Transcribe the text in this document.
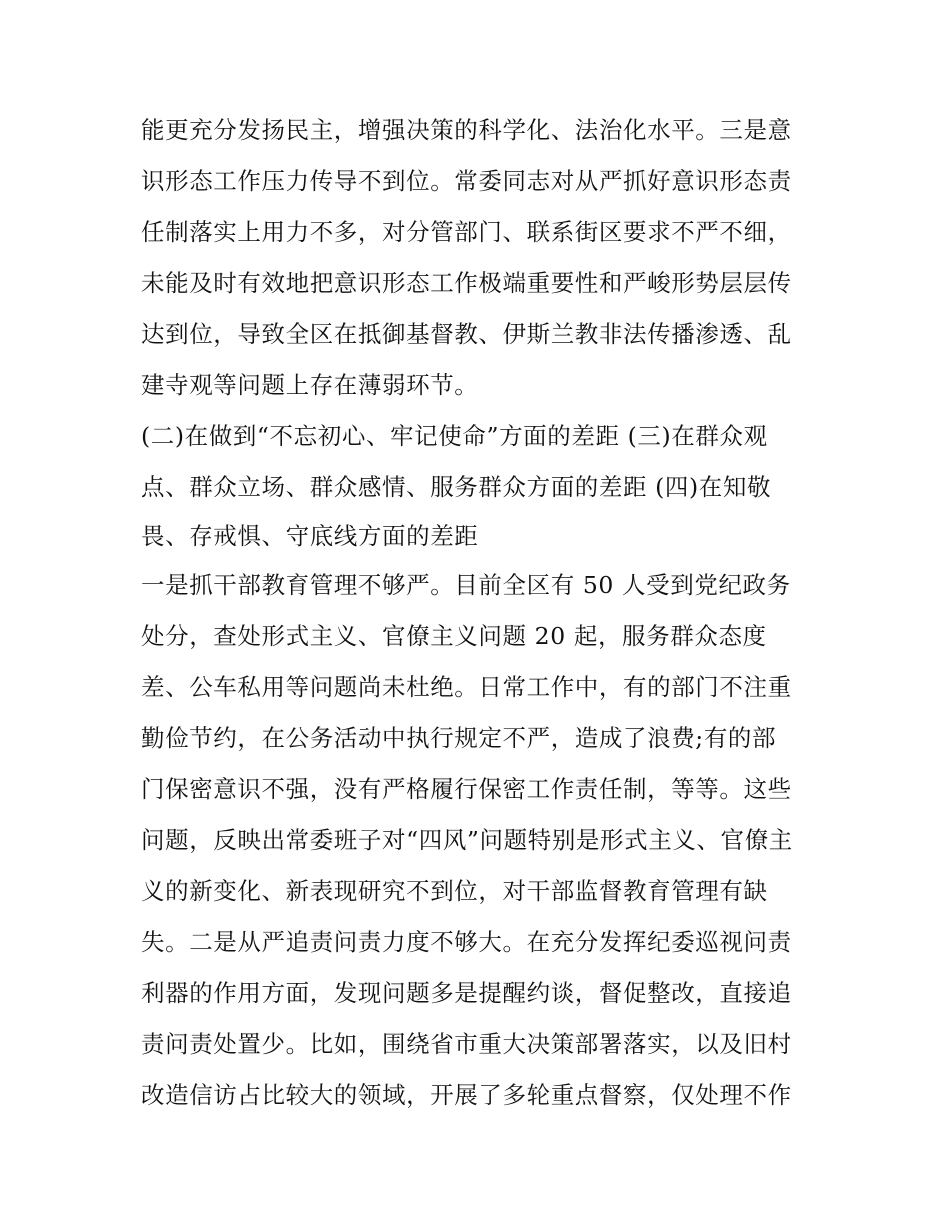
能更充分发扬民主，增强决策的科学化、法治化水平。三是意
识形态工作压力传导不到位。常委同志对从严抓好意识形态责
任制落实上用力不多，对分管部门、联系街区要求不严不细，
未能及时有效地把意识形态工作极端重要性和严峻形势层层传
达到位，导致全区在抵御基督教、伊斯兰教非法传播渗透、乱
建寺观等问题上存在薄弱环节。
(二)在做到“不忘初心、牢记使命”方面的差距 (三)在群众观
点、群众立场、群众感情、服务群众方面的差距 (四)在知敬
畏、存戒惧、守底线方面的差距
一是抓干部教育管理不够严。目前全区有 50 人受到党纪政务
处分，查处形式主义、官僚主义问题 20 起，服务群众态度
差、公车私用等问题尚未杜绝。日常工作中，有的部门不注重
勤俭节约，在公务活动中执行规定不严，造成了浪费;有的部
门保密意识不强，没有严格履行保密工作责任制，等等。这些
问题，反映出常委班子对“四风”问题特别是形式主义、官僚主
义的新变化、新表现研究不到位，对干部监督教育管理有缺
失。二是从严追责问责力度不够大。在充分发挥纪委巡视问责
利器的作用方面，发现问题多是提醒约谈，督促整改，直接追
责问责处置少。比如，围绕省市重大决策部署落实，以及旧村
改造信访占比较大的领域，开展了多轮重点督察，仅处理不作
